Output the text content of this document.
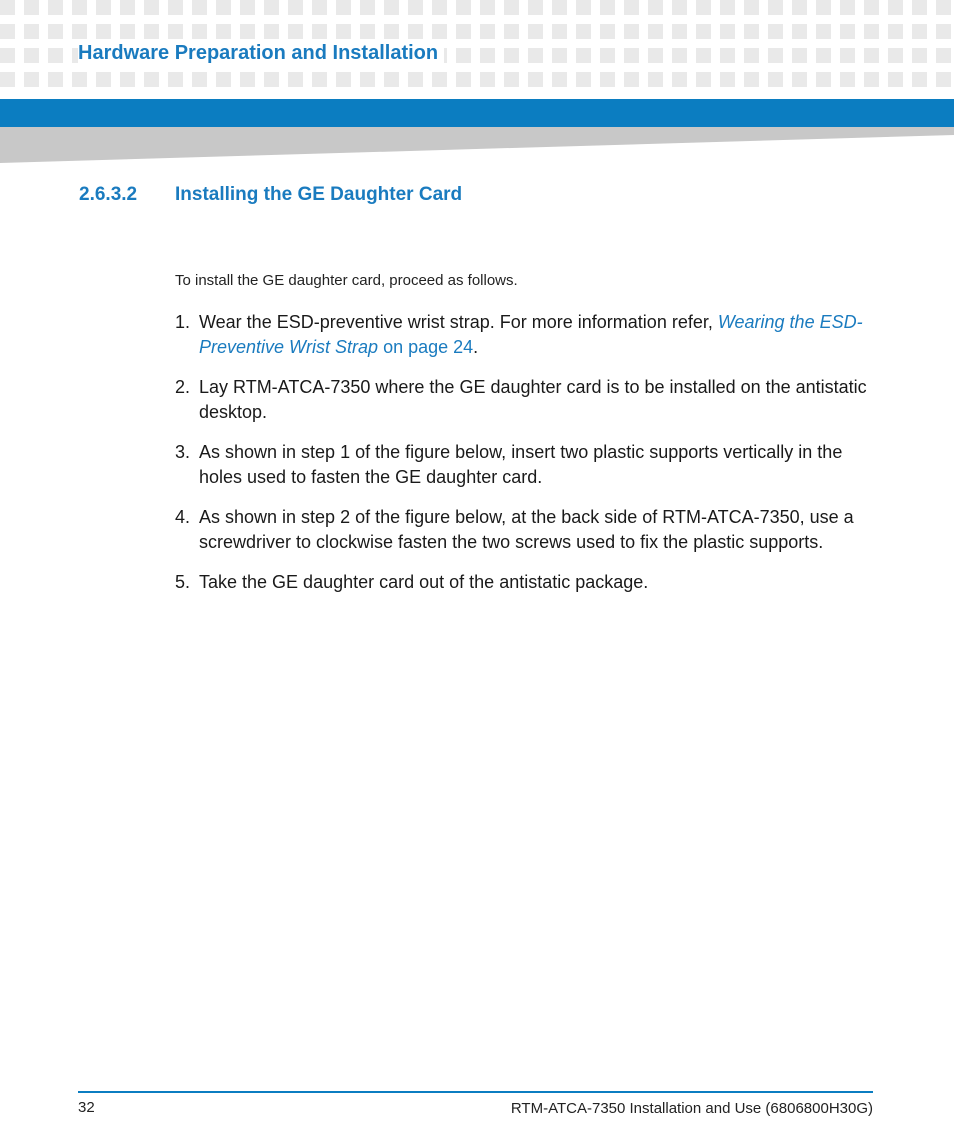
Hardware Preparation and Installation
2.6.3.2 Installing the GE Daughter Card
To install the GE daughter card, proceed as follows.
1. Wear the ESD-preventive wrist strap. For more information refer, Wearing the ESD-Preventive Wrist Strap on page 24.
2. Lay RTM-ATCA-7350 where the GE daughter card is to be installed on the antistatic desktop.
3. As shown in step 1 of the figure below, insert two plastic supports vertically in the holes used to fasten the GE daughter card.
4. As shown in step 2 of the figure below, at the back side of RTM-ATCA-7350, use a screwdriver to clockwise fasten the two screws used to fix the plastic supports.
5. Take the GE daughter card out of the antistatic package.
32	RTM-ATCA-7350 Installation and Use (6806800H30G)
